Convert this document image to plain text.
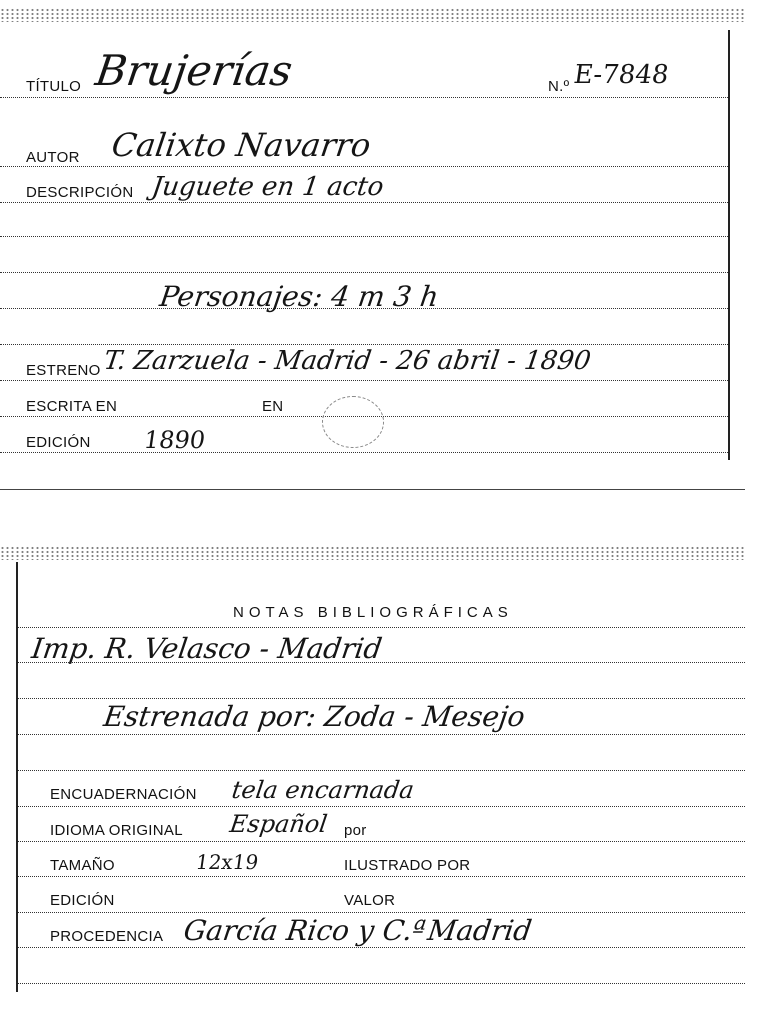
TÍTULO Brujerías	N.º E-7848
AUTOR Calixto Navarro
DESCRIPCIÓN Juguete en 1 acto
Personajes: 4 m 3 h
ESTRENO T. Zarzuela - Madrid - 26 abril - 1890
ESCRITA EN	EN
EDICIÓN 1890
NOTAS BIBLIOGRÁFICAS
Imp. R. Velasco - Madrid
Estrenada por: Zoda - Mesejo
ENCUADERNACIÓN tela encarnada
IDIOMA ORIGINAL Español por
TAMAÑO	12x19	ILUSTRADO POR
EDICIÓN	VALOR
PROCEDENCIA García Rico y C.ª
Madrid
